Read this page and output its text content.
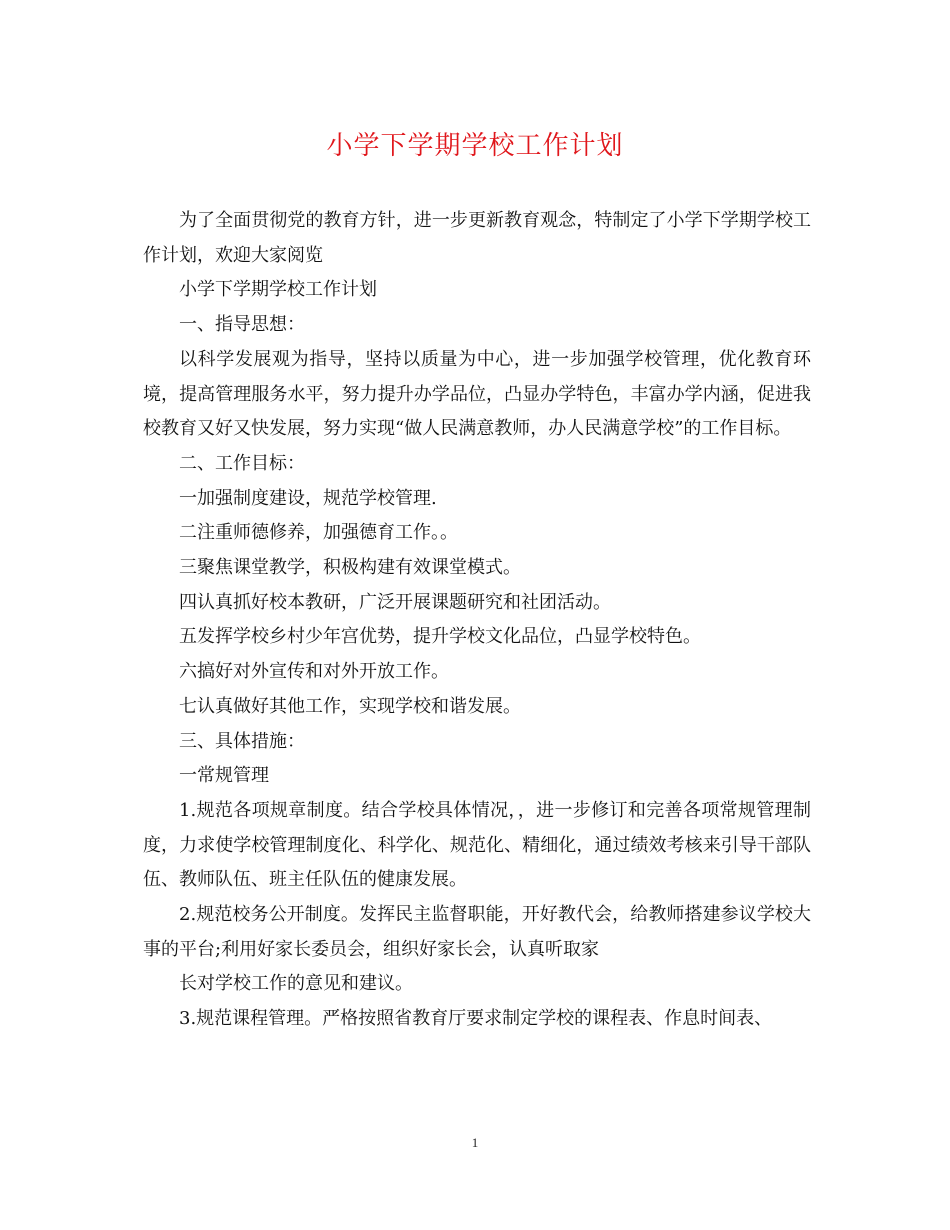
小学下学期学校工作计划

为了全面贯彻党的教育方针，进一步更新教育观念，特制定了小学下学期学校工作计划，欢迎大家阅览

小学下学期学校工作计划

一、指导思想：

以科学发展观为指导，坚持以质量为中心，进一步加强学校管理，优化教育环境，提高管理服务水平，努力提升办学品位，凸显办学特色，丰富办学内涵，促进我校教育又好又快发展，努力实现“做人民满意教师，办人民满意学校”的工作目标。

二、工作目标：

一加强制度建设，规范学校管理.

二注重师德修养，加强德育工作。。

三聚焦课堂教学，积极构建有效课堂模式。

四认真抓好校本教研，广泛开展课题研究和社团活动。

五发挥学校乡村少年宫优势，提升学校文化品位，凸显学校特色。

六搞好对外宣传和对外开放工作。

七认真做好其他工作，实现学校和谐发展。

三、具体措施：

一常规管理

1.规范各项规章制度。结合学校具体情况，，进一步修订和完善各项常规管理制度，力求使学校管理制度化、科学化、规范化、精细化，通过绩效考核来引导干部队伍、教师队伍、班主任队伍的健康发展。

2.规范校务公开制度。发挥民主监督职能，开好教代会，给教师搭建参议学校大事的平台;利用好家长委员会，组织好家长会，认真听取家

长对学校工作的意见和建议。

3.规范课程管理。严格按照省教育厅要求制定学校的课程表、作息时间表、

1
